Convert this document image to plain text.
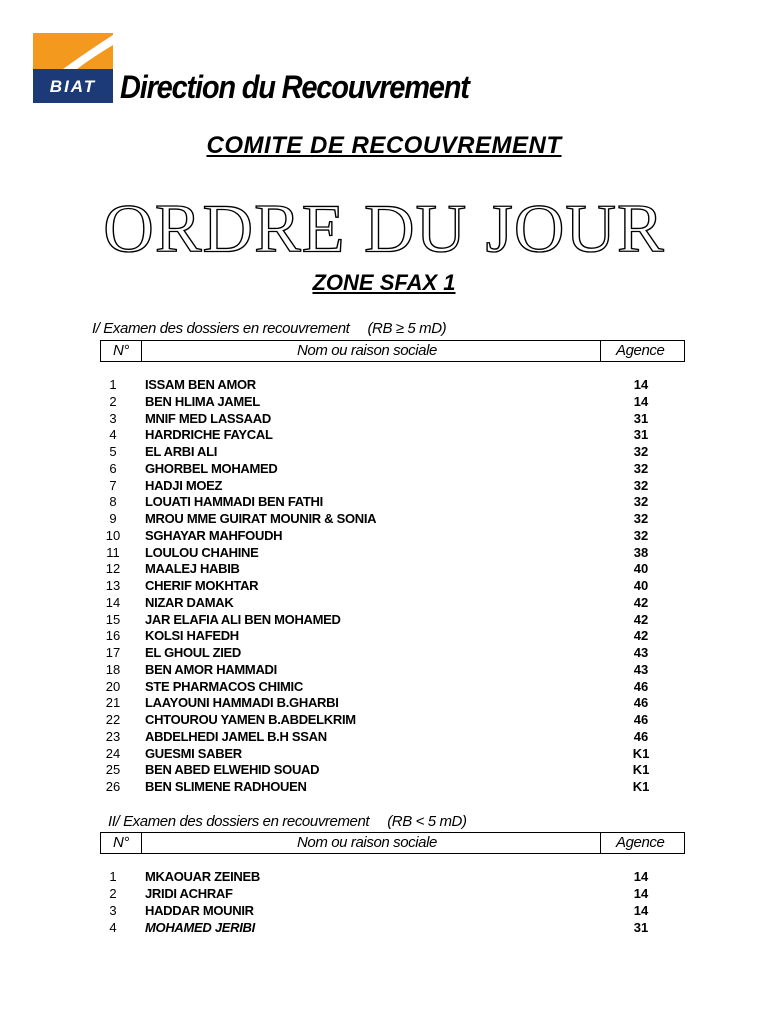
BIAT Direction du Recouvrement
COMITE DE RECOUVREMENT
ORDRE DU JOUR
ZONE SFAX 1
I/ Examen des dossiers en recouvrement (RB ≥ 5 mD)
N°	Nom ou raison sociale	Agence
1	ISSAM BEN AMOR	14
2	BEN HLIMA JAMEL	14
3	MNIF MED LASSAAD	31
4	HARDRICHE FAYCAL	31
5	EL ARBI ALI	32
6	GHORBEL MOHAMED	32
7	HADJI MOEZ	32
8	LOUATI HAMMADI BEN FATHI	32
9	MROU MME GUIRAT MOUNIR & SONIA	32
10	SGHAYAR MAHFOUDH	32
11	LOULOU CHAHINE	38
12	MAALEJ HABIB	40
13	CHERIF MOKHTAR	40
14	NIZAR DAMAK	42
15	JAR ELAFIA ALI BEN MOHAMED	42
16	KOLSI HAFEDH	42
17	EL GHOUL ZIED	43
18	BEN AMOR HAMMADI	43
20	STE PHARMACOS CHIMIC	46
21	LAAYOUNI HAMMADI B.GHARBI	46
22	CHTOUROU YAMEN B.ABDELKRIM	46
23	ABDELHEDI JAMEL B.H SSAN	46
24	GUESMI SABER	K1
25	BEN ABED ELWEHID SOUAD	K1
26	BEN SLIMENE RADHOUEN	K1
II/ Examen des dossiers en recouvrement (RB < 5 mD)
N°	Nom ou raison sociale	Agence
1	MKAOUAR ZEINEB	14
2	JRIDI ACHRAF	14
3	HADDAR MOUNIR	14
4	MOHAMED JERIBI	31
